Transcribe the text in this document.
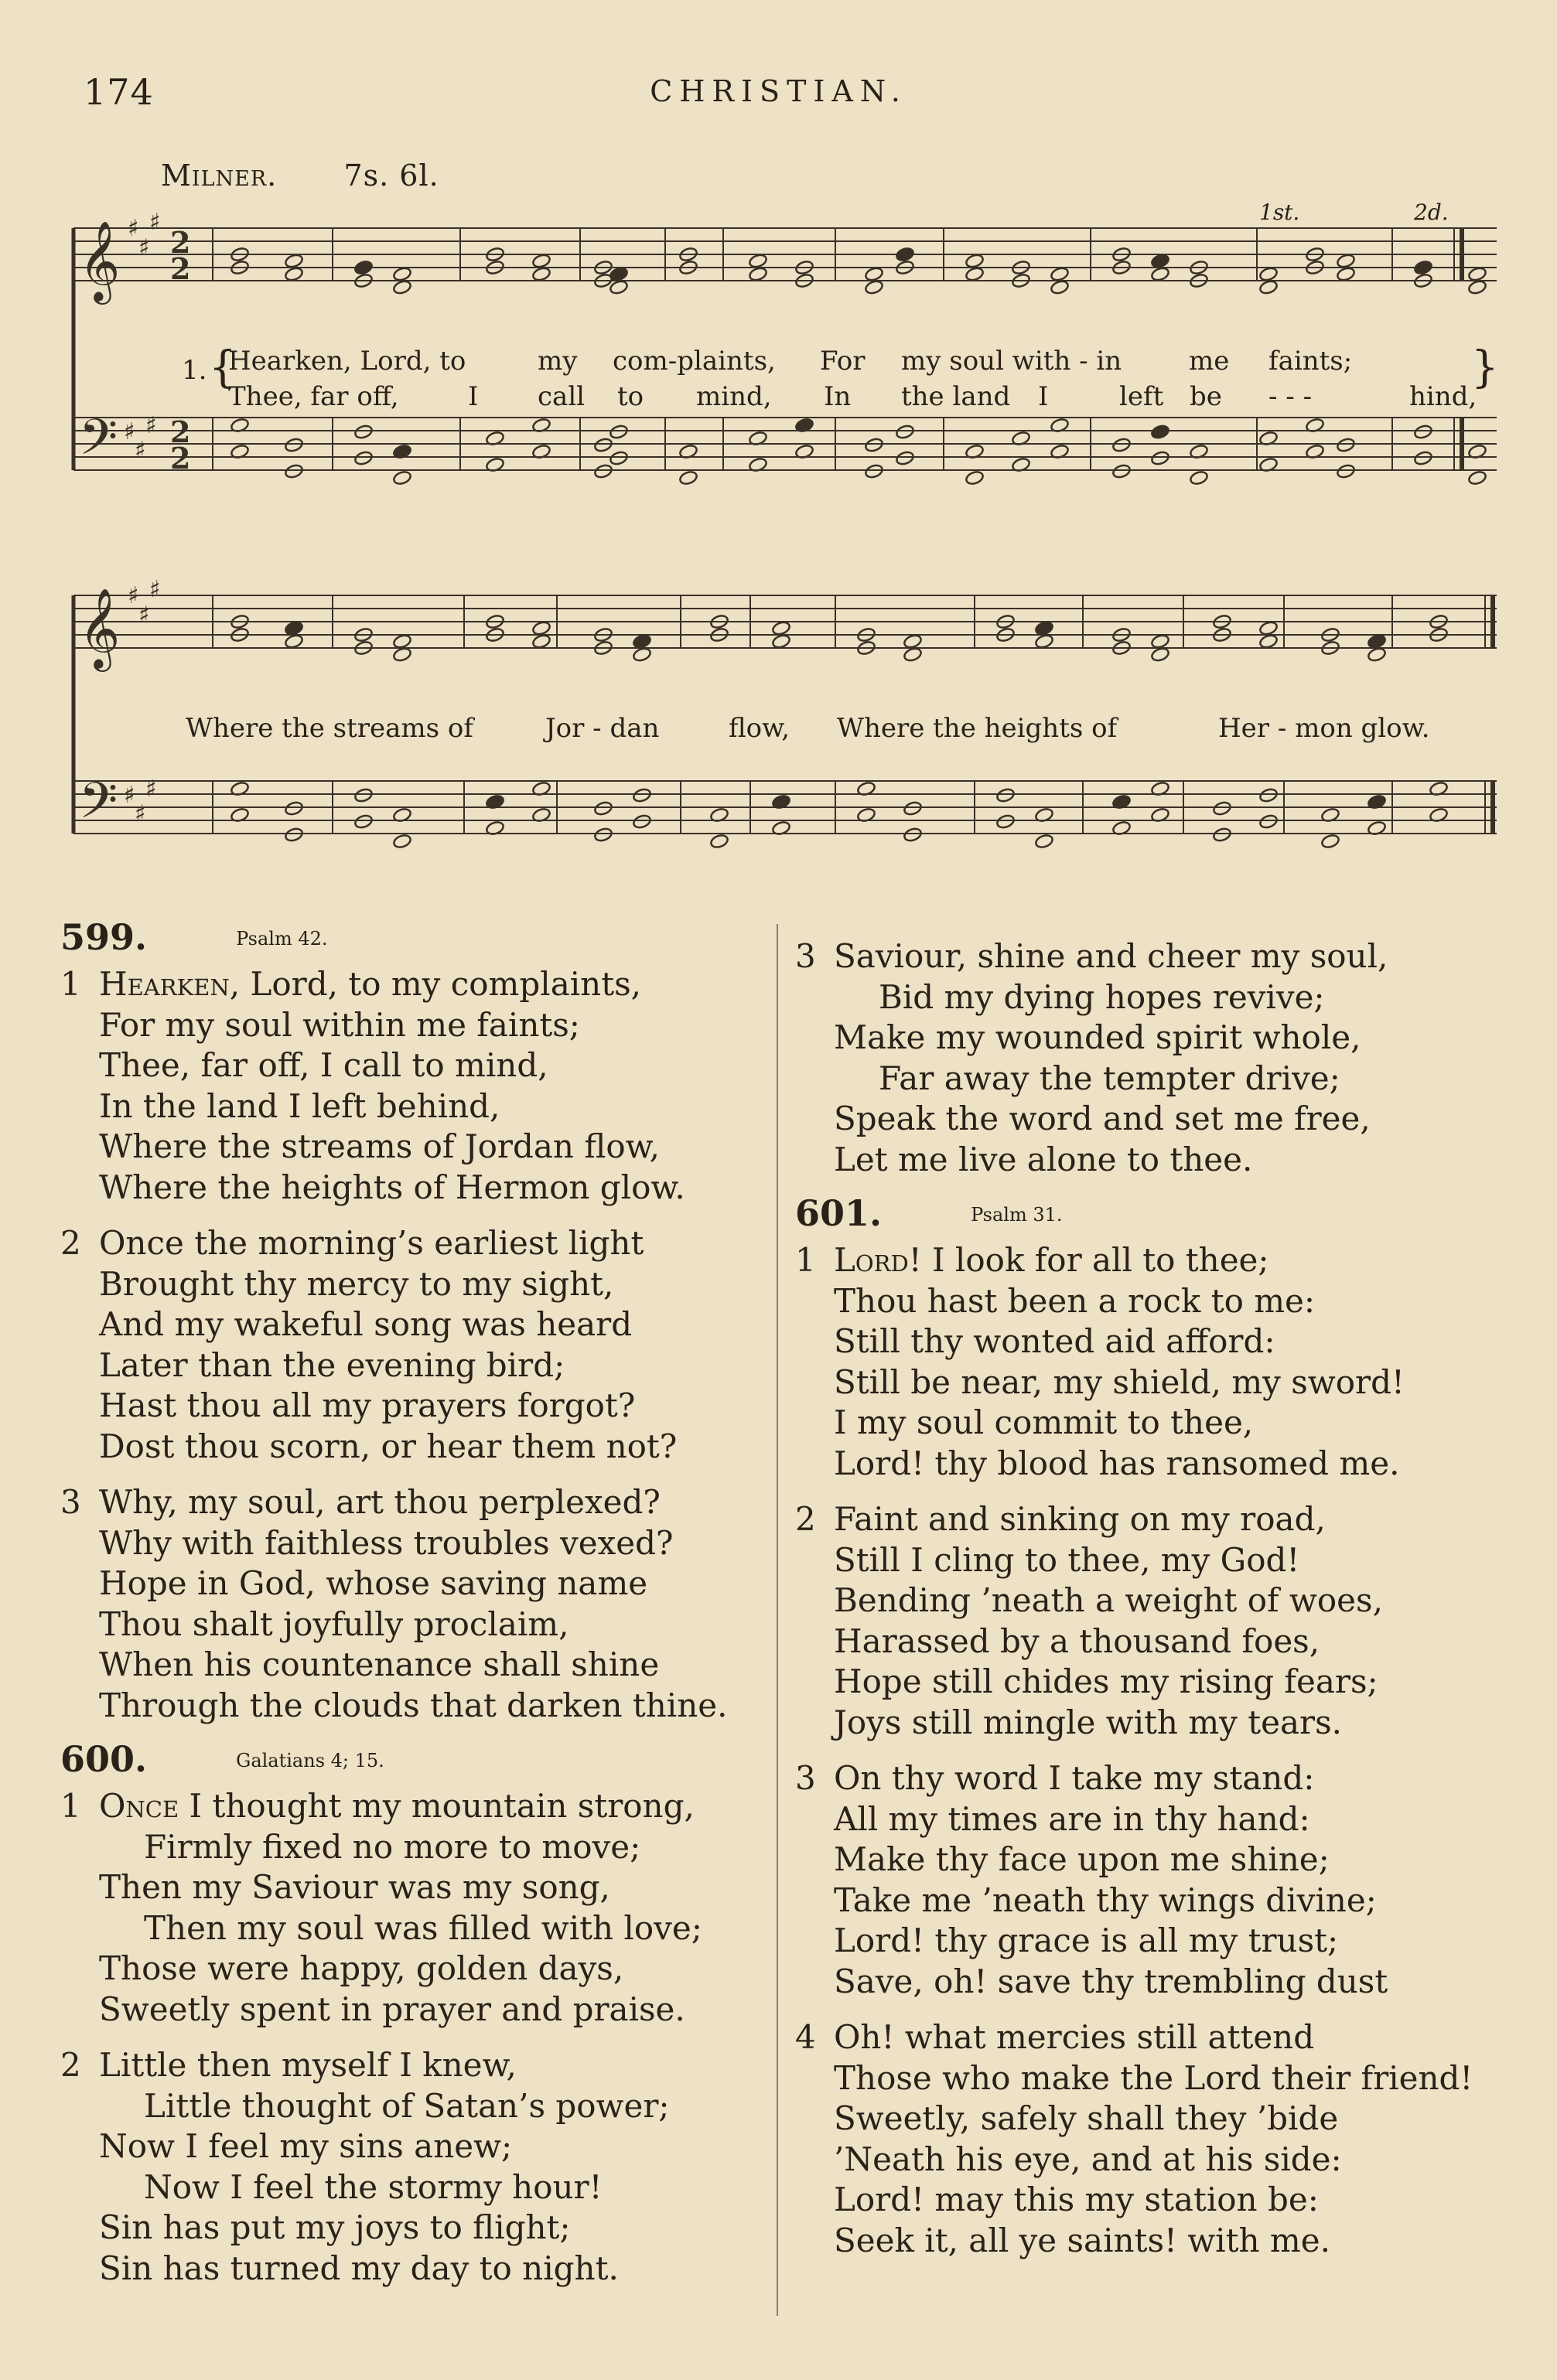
174	CHRISTIAN.
Milner. 7s. 6l.
𝄞
𝄢
𝄞
𝄢
♯
♯
♯
♯
♯
♯
♯
♯
♯
♯
♯
♯
2
2
2
2
1. {	}
Hearken, Lord, to	my com-plaints, For my soul with - in	me faints;
Thee, far off,	I call to mind, In the land I	left be - - -	hind,
Where the streams of	Jor - dan	flow, Where the heights of	Her - mon glow.
1st.	2d.
599.	Psalm 42.
1 Hearken, Lord, to my complaints,
For my soul within me faints;
Thee, far off, I call to mind,
In the land I left behind,
Where the streams of Jordan flow,
Where the heights of Hermon glow.
2 Once the morning’s earliest light
Brought thy mercy to my sight,
And my wakeful song was heard
Later than the evening bird;
Hast thou all my prayers forgot?
Dost thou scorn, or hear them not?
3 Why, my soul, art thou perplexed?
Why with faithless troubles vexed?
Hope in God, whose saving name
Thou shalt joyfully proclaim,
When his countenance shall shine
Through the clouds that darken thine.
600.	Galatians 4; 15.
1 Once I thought my mountain strong,
Firmly fixed no more to move;
Then my Saviour was my song,
Then my soul was filled with love;
Those were happy, golden days,
Sweetly spent in prayer and praise.
2 Little then myself I knew,
Little thought of Satan’s power;
Now I feel my sins anew;
Now I feel the stormy hour!
Sin has put my joys to flight;
Sin has turned my day to night.
3 Saviour, shine and cheer my soul,
Bid my dying hopes revive;
Make my wounded spirit whole,
Far away the tempter drive;
Speak the word and set me free,
Let me live alone to thee.
601.	Psalm 31.
1 Lord! I look for all to thee;
Thou hast been a rock to me:
Still thy wonted aid afford:
Still be near, my shield, my sword!
I my soul commit to thee,
Lord! thy blood has ransomed me.
2 Faint and sinking on my road,
Still I cling to thee, my God!
Bending ’neath a weight of woes,
Harassed by a thousand foes,
Hope still chides my rising fears;
Joys still mingle with my tears.
3 On thy word I take my stand:
All my times are in thy hand:
Make thy face upon me shine;
Take me ’neath thy wings divine;
Lord! thy grace is all my trust;
Save, oh! save thy trembling dust
4 Oh! what mercies still attend
Those who make the Lord their friend!
Sweetly, safely shall they ’bide
’Neath his eye, and at his side:
Lord! may this my station be:
Seek it, all ye saints! with me.
